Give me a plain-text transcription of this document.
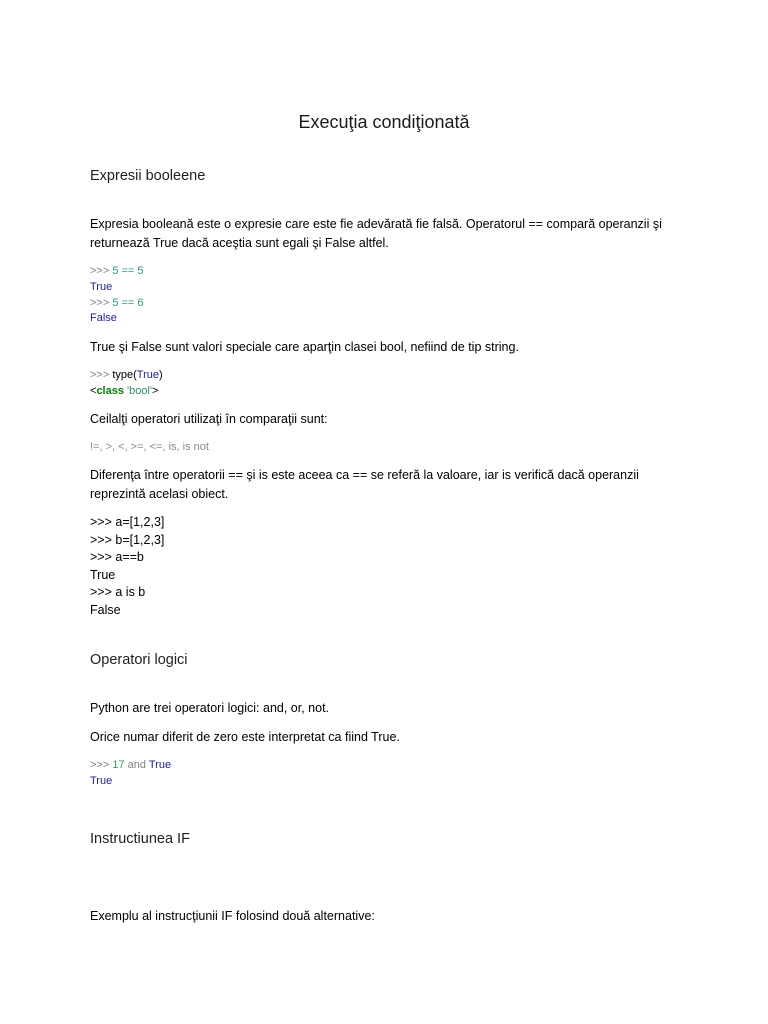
Execuţia condiţionată
Expresii booleene
Expresia booleană este o expresie care este fie adevărată fie falsă. Operatorul == compară operanzii şi
returnează True dacă aceştia sunt egali şi False altfel.
>>> 5 == 5
True
>>> 5 == 6
False
True şi False sunt valori speciale care aparţin clasei bool, nefiind de tip string.
>>> type(True)
<class 'bool'>
Ceilalţi operatori utilizaţi în comparaţii sunt:
!=, >, <, >=, <=, is, is not
Diferenţa între operatorii == şi is este aceea ca == se referă la valoare, iar is verifică dacă operanzii
reprezintă acelasi obiect.
>>> a=[1,2,3]
>>> b=[1,2,3]
>>> a==b
True
>>> a is b
False
Operatori logici
Python are trei operatori logici: and, or, not.
Orice numar diferit de zero este interpretat ca fiind True.
>>> 17 and True
True
Instructiunea IF
Exemplu al instrucţiunii IF folosind două alternative:
